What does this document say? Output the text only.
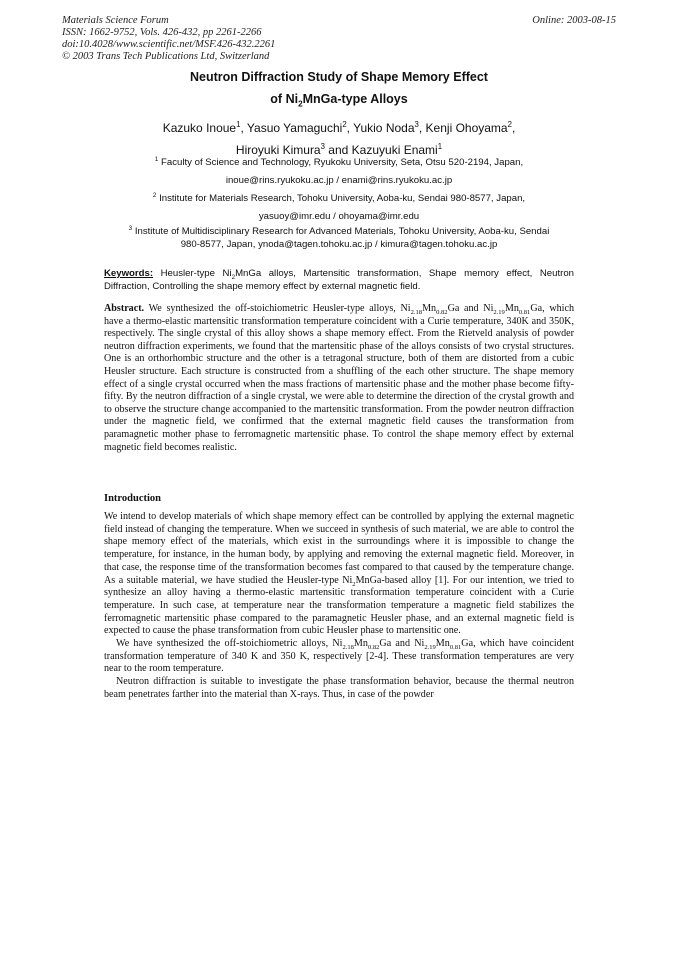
Materials Science Forum
ISSN: 1662-9752, Vols. 426-432, pp 2261-2266
doi:10.4028/www.scientific.net/MSF.426-432.2261
© 2003 Trans Tech Publications Ltd, Switzerland
Online: 2003-08-15
Neutron Diffraction Study of Shape Memory Effect
of $Ni_2MnGa$-type Alloys
Kazuko Inoue$^1$, Yasuo Yamaguchi$^2$, Yukio Noda$^3$, Kenji Ohoyama$^2$,
Hiroyuki Kimura$^3$ and Kazuyuki Enami$^1$
$^1$ Faculty of Science and Technology, Ryukoku University, Seta, Otsu 520-2194, Japan,
inoue@rins.ryukoku.ac.jp / enami@rins.ryukoku.ac.jp
$^2$ Institute for Materials Research, Tohoku University, Aoba-ku, Sendai 980-8577, Japan,
yasuoy@imr.edu / ohoyama@imr.edu
$^3$ Institute of Multidisciplinary Research for Advanced Materials, Tohoku University, Aoba-ku, Sendai
980-8577, Japan, ynoda@tagen.tohoku.ac.jp / kimura@tagen.tohoku.ac.jp
Keywords: Heusler-type $Ni_2MnGa$ alloys, Martensitic transformation, Shape memory effect, Neutron Diffraction, Controlling the shape memory effect by external magnetic field.
Abstract. We synthesized the off-stoichiometric Heusler-type alloys, $Ni_{2.18}Mn_{0.82}Ga$ and $Ni_{2.19}Mn_{0.81}Ga$, which have a thermo-elastic martensitic transformation temperature coincident with a Curie temperature, 340K and 350K, respectively. The single crystal of this alloy shows a shape memory effect. From the Rietveld analysis of powder neutron diffraction experiments, we found that the martensitic phase of the alloys consists of two crystal structures. One is an orthorhombic structure and the other is a tetragonal structure, both of them are distorted from a cubic Heusler structure. Each structure is constructed from a shuffling of the each other structure. The shape memory effect of a single crystal occurred when the mass fractions of martensitic phase and the mother phase become fifty-fifty. By the neutron diffraction of a single crystal, we were able to determine the direction of the crystal growth and to observe the structure change accompanied to the martensitic transformation. From the powder neutron diffraction under the magnetic field, we confirmed that the external magnetic field causes the transformation from paramagnetic mother phase to ferromagnetic martensitic phase. To control the shape memory effect by external magnetic field becomes realistic.
Introduction

We intend to develop materials of which shape memory effect can be controlled by applying the external magnetic field instead of changing the temperature. When we succeed in synthesis of such material, we are able to control the shape memory effect of the materials, which exist in the surroundings where it is impossible to change the temperature, for instance, in the human body, by applying and removing the external magnetic field. Moreover, in that case, the response time of the transformation becomes fast compared to that caused by the temperature change. As a suitable material, we have studied the Heusler-type $Ni_2MnGa$-based alloy [1]. For our intention, we tried to synthesize an alloy having a thermo-elastic martensitic transformation temperature coincident with a Curie temperature. In such case, at temperature near the transformation temperature a magnetic field stabilizes the ferromagnetic martensitic phase compared to the paramagnetic Heusler phase, and an external magnetic field is expected to cause the phase transformation from cubic Heusler phase to martensitic one.

We have synthesized the off-stoichiometric alloys, $Ni_{2.18}Mn_{0.82}Ga$ and $Ni_{2.19}Mn_{0.81}Ga$, which have coincident transformation temperature of 340 K and 350 K, respectively [2-4]. These transformation temperatures are very near to the room temperature.

Neutron diffraction is suitable to investigate the phase transformation behavior, because the thermal neutron beam penetrates farther into the material than X-rays. Thus, in case of the powder
